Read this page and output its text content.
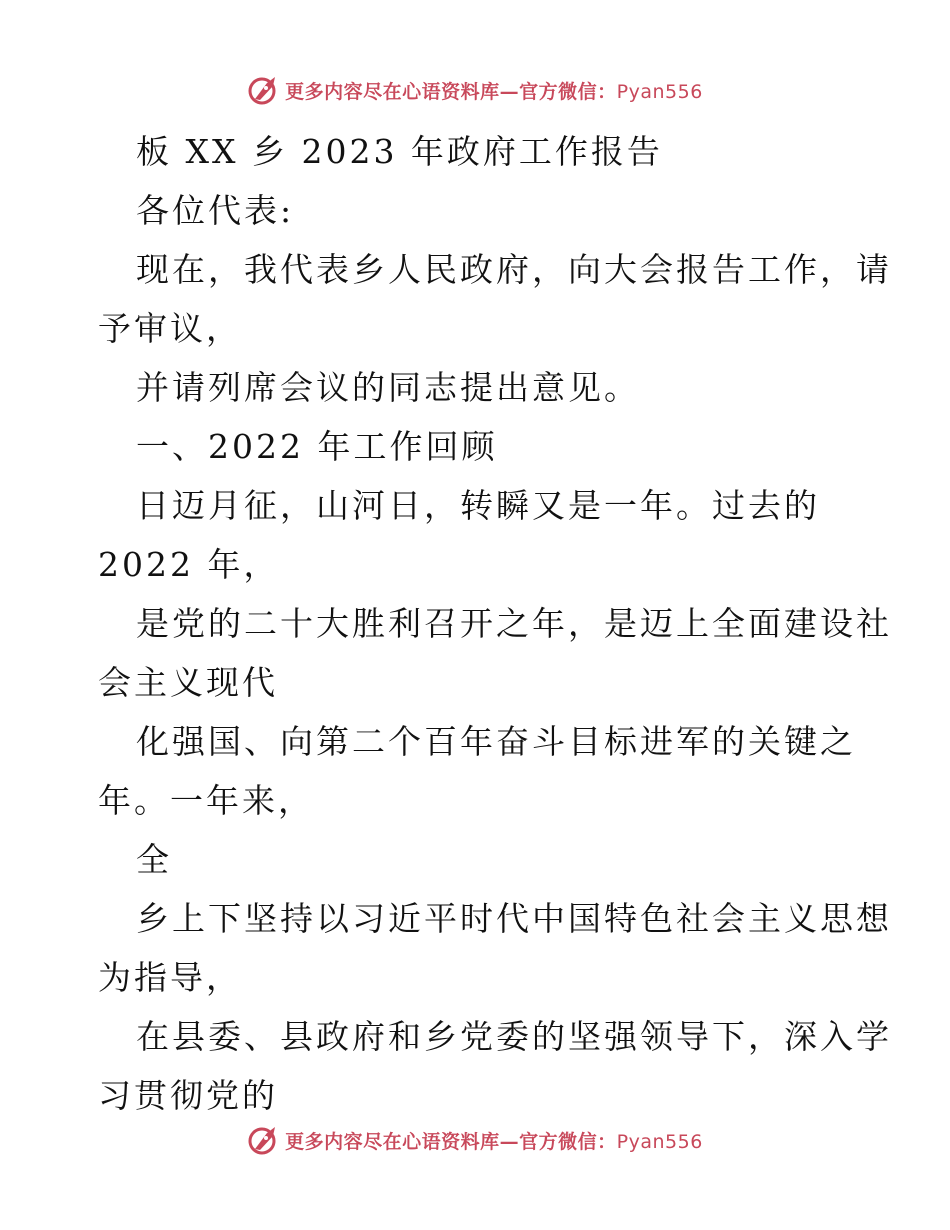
更多内容尽在心语资料库—官方微信：Pyan556
板 XX 乡 2023 年政府工作报告
各位代表:
现在，我代表乡人民政府，向大会报告工作，请
予审议，
并请列席会议的同志提出意见。
一、2022 年工作回顾
日迈月征，山河日，转瞬又是一年。过去的
2022 年，
是党的二十大胜利召开之年，是迈上全面建设社
会主义现代
化强国、向第二个百年奋斗目标进军的关键之
年。一年来，
全
乡上下坚持以习近平时代中国特色社会主义思想
为指导，
在县委、县政府和乡党委的坚强领导下，深入学
习贯彻党的
更多内容尽在心语资料库—官方微信：Pyan556
